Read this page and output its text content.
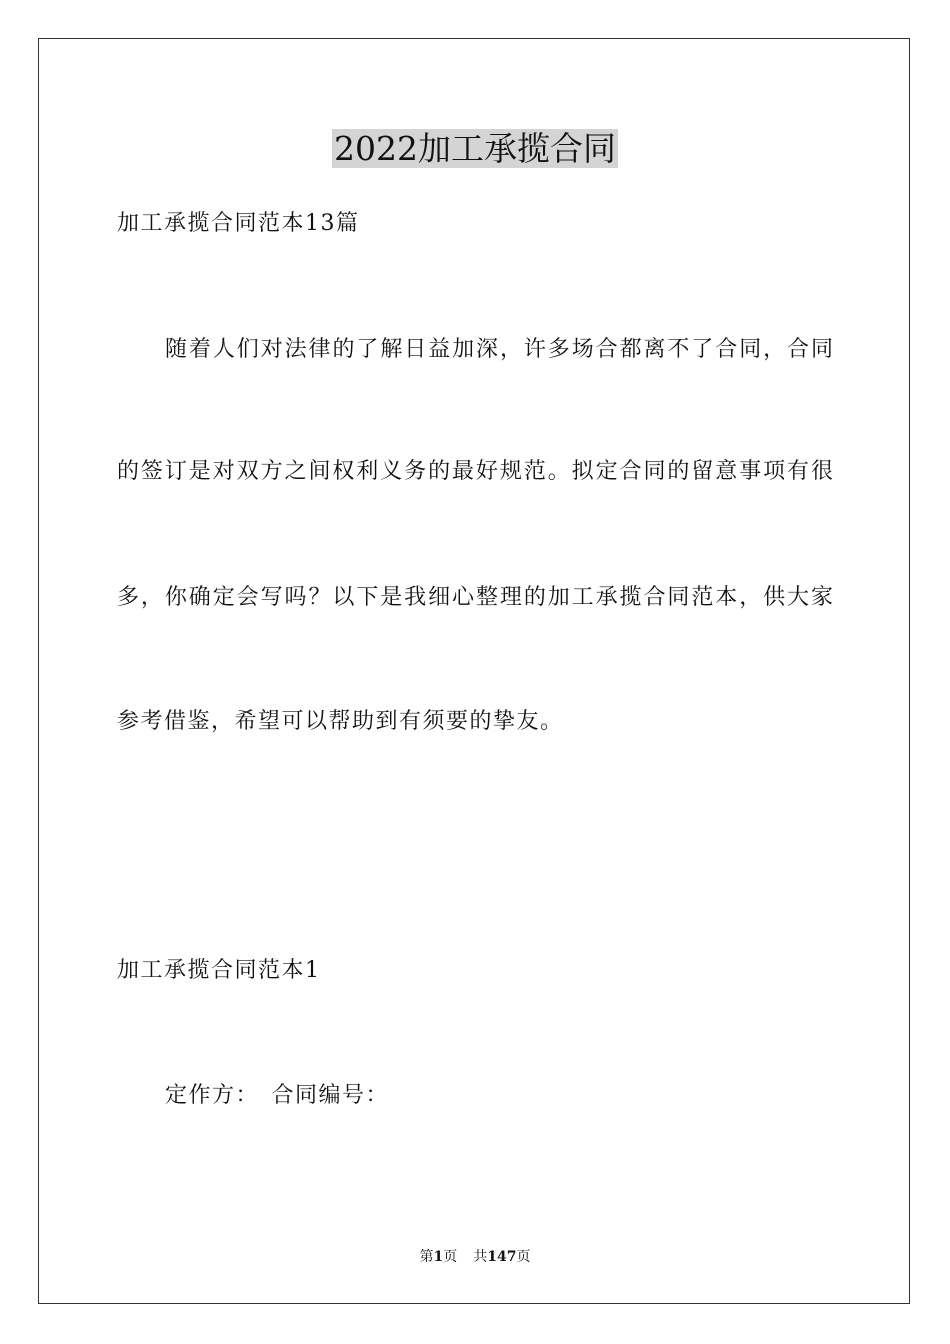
2022加工承揽合同
加工承揽合同范本13篇
随着人们对法律的了解日益加深，许多场合都离不了合同，合同
的签订是对双方之间权利义务的最好规范。拟定合同的留意事项有很
多，你确定会写吗？以下是我细心整理的加工承揽合同范本，供大家
参考借鉴，希望可以帮助到有须要的挚友。
加工承揽合同范本1
定作方：　合同编号：
第1页 共147页
